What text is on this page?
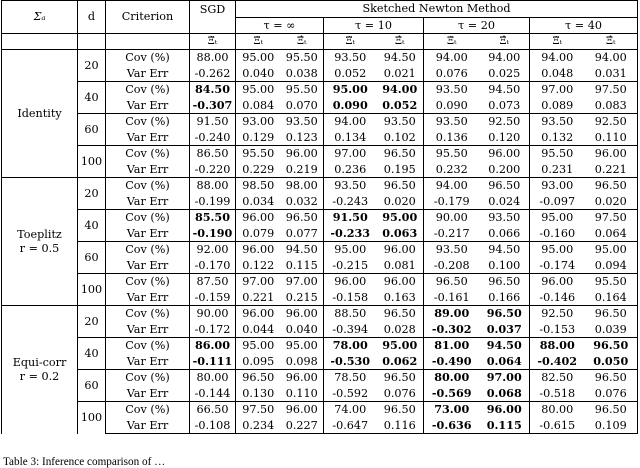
Σₐ	d	Criterion	SGD	Sketched Newton Method							
				τ = ∞		τ = 10		τ = 20		τ = 40	
			Ξ̃ₜ	Ξ̃ₜ	Ξ̂ₜ	Ξ̃ₜ	Ξ̂ₜ	Ξ̃ₜ	Ξ̂ₜ	Ξ̃ₜ	Ξ̂ₜ

Identity	20	Cov (%)	88.00	95.00	95.50	93.50	94.50	94.00	94.00	94.00	94.00
		Var Err	-0.262	0.040	0.038	0.052	0.021	0.076	0.025	0.048	0.031
	40	Cov (%)	84.50	95.00	95.50	95.00	94.00	93.50	94.50	97.00	97.50
		Var Err	-0.307	0.084	0.070	0.090	0.052	0.090	0.073	0.089	0.083
	60	Cov (%)	91.50	93.00	93.50	94.00	93.50	93.50	92.50	93.50	92.50
		Var Err	-0.240	0.129	0.123	0.134	0.102	0.136	0.120	0.132	0.110
	100	Cov (%)	86.50	95.50	96.00	97.00	96.50	95.50	96.00	95.50	96.00
		Var Err	-0.220	0.229	0.219	0.236	0.195	0.232	0.200	0.231	0.221

Toeplitz
r = 0.5	20	Cov (%)	88.00	98.50	98.00	93.50	96.50	94.00	96.50	93.00	96.50
		Var Err	-0.199	0.034	0.032	-0.243	0.020	-0.179	0.024	-0.097	0.020
	40	Cov (%)	85.50	96.00	96.50	91.50	95.00	90.00	93.50	95.00	97.50
		Var Err	-0.190	0.079	0.077	-0.233	0.063	-0.217	0.066	-0.160	0.064
	60	Cov (%)	92.00	96.00	94.50	95.00	96.00	93.50	94.50	95.00	95.00
		Var Err	-0.170	0.122	0.115	-0.215	0.081	-0.208	0.100	-0.174	0.094
	100	Cov (%)	87.50	97.00	97.00	96.00	96.00	96.50	96.50	96.00	95.50
		Var Err	-0.159	0.221	0.215	-0.158	0.163	-0.161	0.166	-0.146	0.164

Equi-corr
r = 0.2	20	Cov (%)	90.00	96.00	96.00	88.50	96.50	89.00	96.50	92.50	96.50
		Var Err	-0.172	0.044	0.040	-0.394	0.028	-0.302	0.037	-0.153	0.039
	40	Cov (%)	86.00	95.00	95.00	78.00	95.00	81.00	94.50	88.00	96.50
		Var Err	-0.111	0.095	0.098	-0.530	0.062	-0.490	0.064	-0.402	0.050
	60	Cov (%)	80.00	96.50	96.00	78.50	96.50	80.00	97.00	82.50	96.50
		Var Err	-0.144	0.130	0.110	-0.592	0.076	-0.569	0.068	-0.518	0.076
	100	Cov (%)	66.50	97.50	96.00	74.00	96.50	73.00	96.00	80.00	96.50
		Var Err	-0.108	0.234	0.227	-0.647	0.116	-0.636	0.115	-0.615	0.109
Table 3: Inference comparison of …
